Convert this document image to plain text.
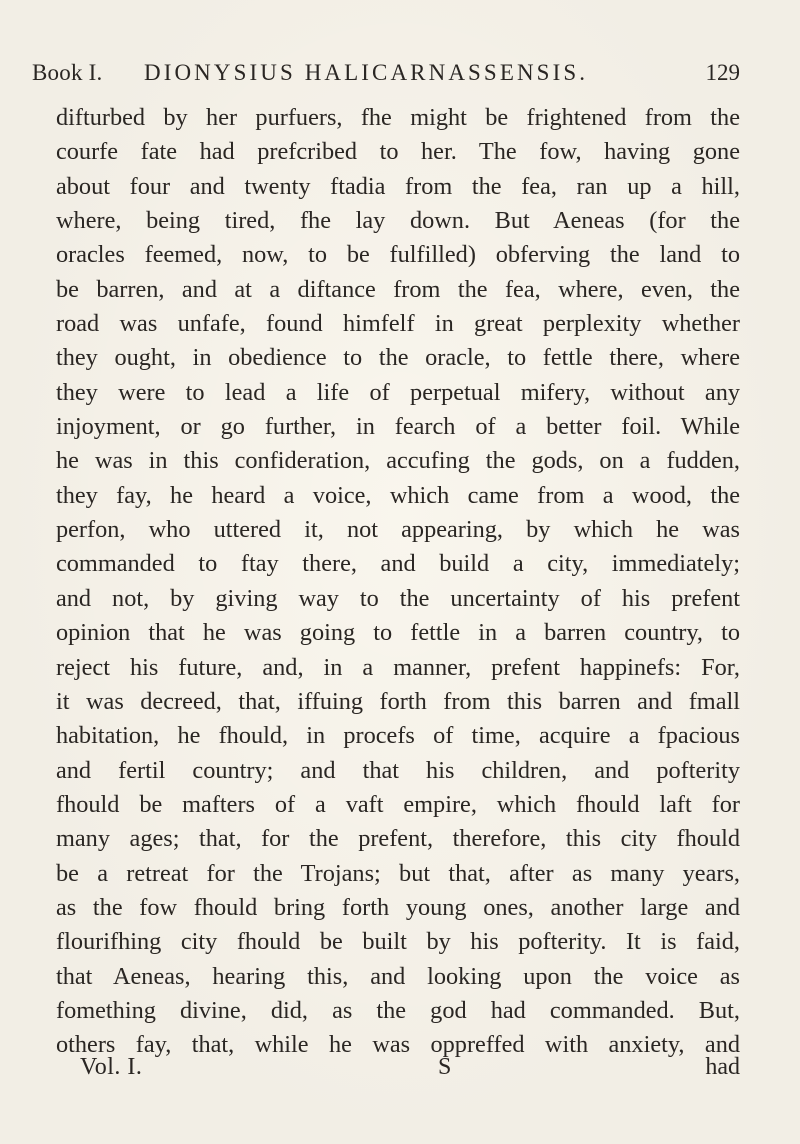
Book I. DIONYSIUS HALICARNASSENSIS.	129
difturbed by her purfuers, fhe might be frightened from the
courfe fate had prefcribed to her. The fow, having gone
about four and twenty ftadia from the fea, ran up a hill,
where, being tired, fhe lay down. But Aeneas (for the
oracles feemed, now, to be fulfilled) obferving the land to
be barren, and at a diftance from the fea, where, even, the
road was unfafe, found himfelf in great perplexity whether
they ought, in obedience to the oracle, to fettle there, where
they were to lead a life of perpetual mifery, without any
injoyment, or go further, in fearch of a better foil. While
he was in this confideration, accufing the gods, on a fudden,
they fay, he heard a voice, which came from a wood, the
perfon, who uttered it, not appearing, by which he was
commanded to ftay there, and build a city, immediately;
and not, by giving way to the uncertainty of his prefent
opinion that he was going to fettle in a barren country, to
reject his future, and, in a manner, prefent happinefs: For,
it was decreed, that, iffuing forth from this barren and fmall
habitation, he fhould, in procefs of time, acquire a fpacious
and fertil country; and that his children, and pofterity
fhould be mafters of a vaft empire, which fhould laft for
many ages; that, for the prefent, therefore, this city fhould
be a retreat for the Trojans; but that, after as many years,
as the fow fhould bring forth young ones, another large and
flourifhing city fhould be built by his pofterity. It is faid,
that Aeneas, hearing this, and looking upon the voice as
fomething divine, did, as the god had commanded. But,
others fay, that, while he was oppreffed with anxiety, and
Vol. I.	S	had
